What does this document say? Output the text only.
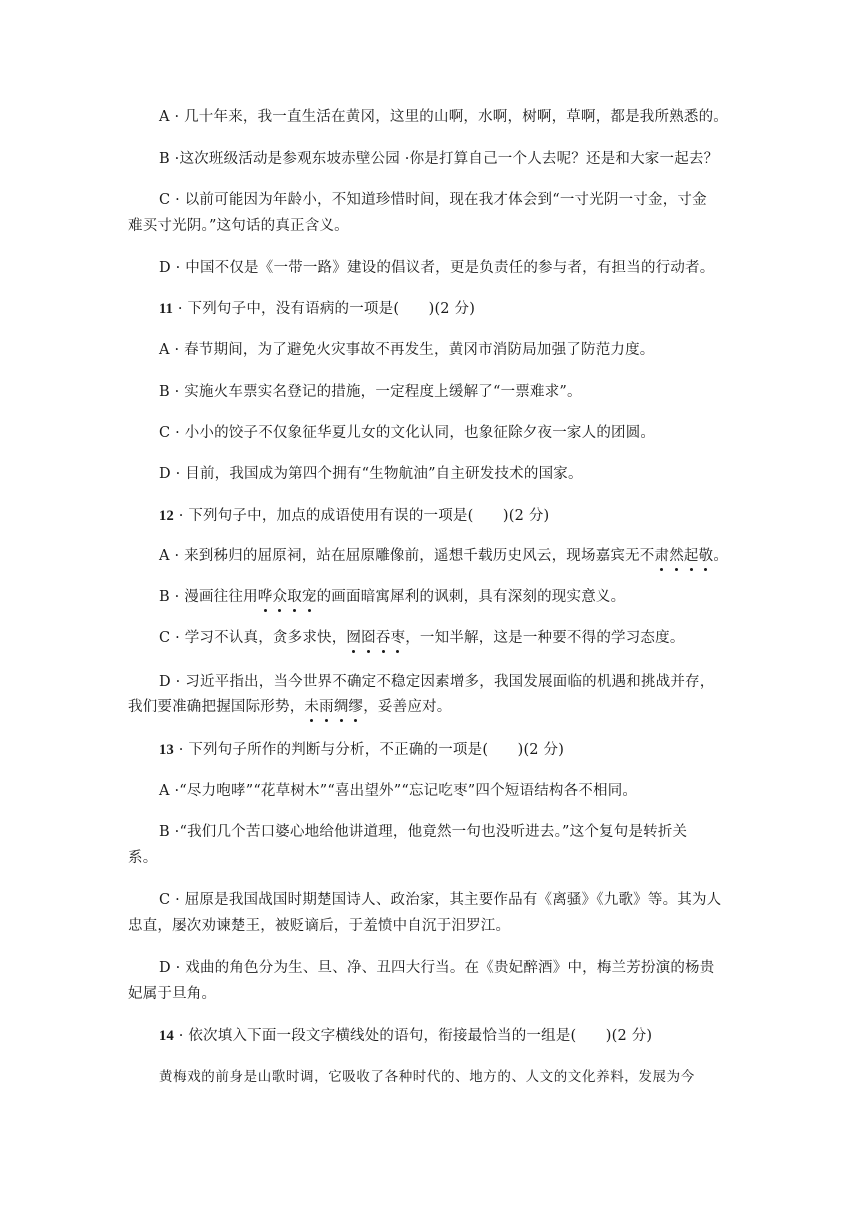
A · 几十年来，我一直生活在黄冈，这里的山啊，水啊，树啊，草啊，都是我所熟悉的。
B ·这次班级活动是参观东坡赤壁公园 ·你是打算自己一个人去呢？还是和大家一起去？
C · 以前可能因为年龄小，不知道珍惜时间，现在我才体会到“一寸光阴一寸金，寸金
难买寸光阴。”这句话的真正含义。
D · 中国不仅是《一带一路》建设的倡议者，更是负责任的参与者，有担当的行动者。
11 · 下列句子中，没有语病的一项是(　　)(2 分)
A · 春节期间，为了避免火灾事故不再发生，黄冈市消防局加强了防范力度。
B · 实施火车票实名登记的措施，一定程度上缓解了“一票难求”。
C · 小小的饺子不仅象征华夏儿女的文化认同，也象征除夕夜一家人的团圆。
D · 目前，我国成为第四个拥有“生物航油”自主研发技术的国家。
12 · 下列句子中，加点的成语使用有误的一项是(　　)(2 分)
A · 来到秭归的屈原祠，站在屈原雕像前，遥想千载历史风云，现场嘉宾无不肃然起敬。
B · 漫画往往用哗众取宠的画面暗寓犀利的讽刺，具有深刻的现实意义。
C · 学习不认真，贪多求快，囫囵吞枣，一知半解，这是一种要不得的学习态度。
D · 习近平指出，当今世界不确定不稳定因素增多，我国发展面临的机遇和挑战并存，
我们要准确把握国际形势，未雨绸缪，妥善应对。
13 · 下列句子所作的判断与分析，不正确的一项是(　　)(2 分)
A ·“尽力咆哮”“花草树木”“喜出望外”“忘记吃枣”四个短语结构各不相同。
B ·“我们几个苦口婆心地给他讲道理，他竟然一句也没听进去。”这个复句是转折关
系。
C · 屈原是我国战国时期楚国诗人、政治家，其主要作品有《离骚》《九歌》等。其为人
忠直，屡次劝谏楚王，被贬谪后，于羞愤中自沉于汨罗江。
D · 戏曲的角色分为生、旦、净、丑四大行当。在《贵妃醉酒》中，梅兰芳扮演的杨贵
妃属于旦角。
14 · 依次填入下面一段文字横线处的语句，衔接最恰当的一组是(　　)(2 分)
黄梅戏的前身是山歌时调，它吸收了各种时代的、地方的、人文的文化养料，发展为今
